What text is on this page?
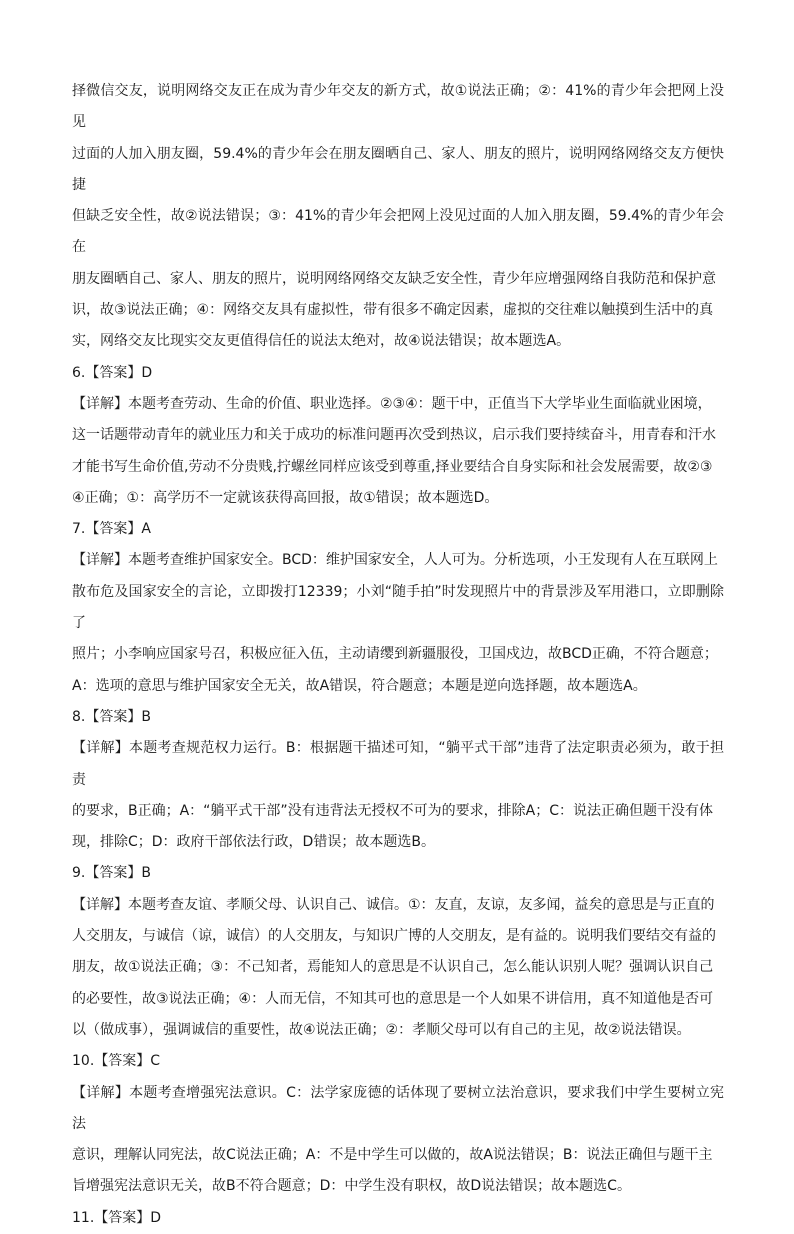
择微信交友，说明网络交友正在成为青少年交友的新方式，故①说法正确；②：41%的青少年会把网上没见

过面的人加入朋友圈，59.4%的青少年会在朋友圈晒自己、家人、朋友的照片，说明网络网络交友方便快捷

但缺乏安全性，故②说法错误；③：41%的青少年会把网上没见过面的人加入朋友圈，59.4%的青少年会在

朋友圈晒自己、家人、朋友的照片，说明网络网络交友缺乏安全性，青少年应增强网络自我防范和保护意

识，故③说法正确；④：网络交友具有虚拟性，带有很多不确定因素，虚拟的交往难以触摸到生活中的真

实，网络交友比现实交友更值得信任的说法太绝对，故④说法错误；故本题选A。

6.【答案】D

【详解】本题考查劳动、生命的价值、职业选择。②③④：题干中，正值当下大学毕业生面临就业困境，

这一话题带动青年的就业压力和关于成功的标准问题再次受到热议，启示我们要持续奋斗，用青春和汗水

才能书写生命价值,劳动不分贵贱,拧螺丝同样应该受到尊重,择业要结合自身实际和社会发展需要，故②③

④正确；①：高学历不一定就该获得高回报，故①错误；故本题选D。

7.【答案】A

【详解】本题考查维护国家安全。BCD：维护国家安全，人人可为。分析选项，小王发现有人在互联网上

散布危及国家安全的言论，立即拨打12339；小刘“随手拍”时发现照片中的背景涉及军用港口，立即删除了

照片；小李响应国家号召，积极应征入伍，主动请缨到新疆服役，卫国戍边，故BCD正确，不符合题意；

A：选项的意思与维护国家安全无关，故A错误，符合题意；本题是逆向选择题，故本题选A。

8.【答案】B

【详解】本题考查规范权力运行。B：根据题干描述可知，“躺平式干部”违背了法定职责必须为，敢于担责

的要求，B正确；A：“躺平式干部”没有违背法无授权不可为的要求，排除A；C：说法正确但题干没有体

现，排除C；D：政府干部依法行政，D错误；故本题选B。

9.【答案】B

【详解】本题考查友谊、孝顺父母、认识自己、诚信。①：友直，友谅，友多闻，益矣的意思是与正直的

人交朋友，与诚信（谅，诚信）的人交朋友，与知识广博的人交朋友，是有益的。说明我们要结交有益的

朋友，故①说法正确；③：不己知者，焉能知人的意思是不认识自己，怎么能认识别人呢？强调认识自己

的必要性，故③说法正确；④：人而无信，不知其可也的意思是一个人如果不讲信用，真不知道他是否可

以（做成事），强调诚信的重要性，故④说法正确；②：孝顺父母可以有自己的主见，故②说法错误。

10.【答案】C

【详解】本题考查增强宪法意识。C：法学家庞德的话体现了要树立法治意识，要求我们中学生要树立宪法

意识，理解认同宪法，故C说法正确；A：不是中学生可以做的，故A说法错误；B：说法正确但与题干主

旨增强宪法意识无关，故B不符合题意；D：中学生没有职权，故D说法错误；故本题选C。

11.【答案】D
